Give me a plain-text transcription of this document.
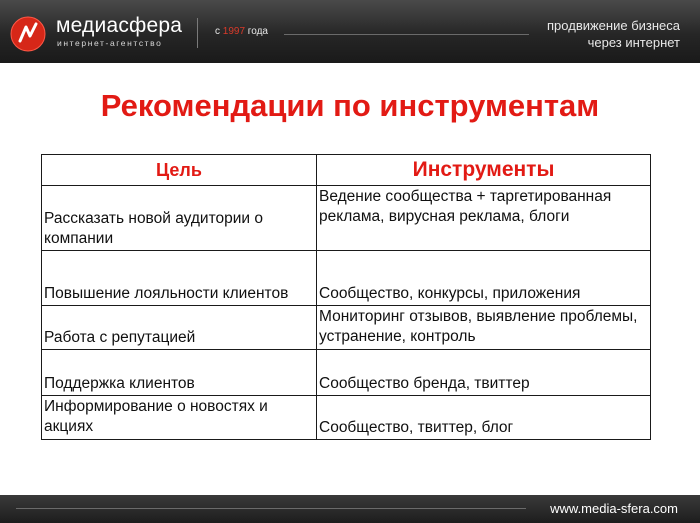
медиасфера
интернет-агентство
с 1997 года	продвижение бизнеса
через интернет
Рекомендации по инструментам
Цель	Инструменты
Рассказать новой аудитории о компании	Ведение сообщества + таргетированная реклама, вирусная реклама, блоги
Повышение лояльности клиентов	Сообщество, конкурсы, приложения
Работа с репутацией	Мониторинг отзывов, выявление проблемы, устранение, контроль
Поддержка клиентов	Сообщество бренда, твиттер
Информирование о новостях и акциях	Сообщество, твиттер, блог
www.media-sfera.com
